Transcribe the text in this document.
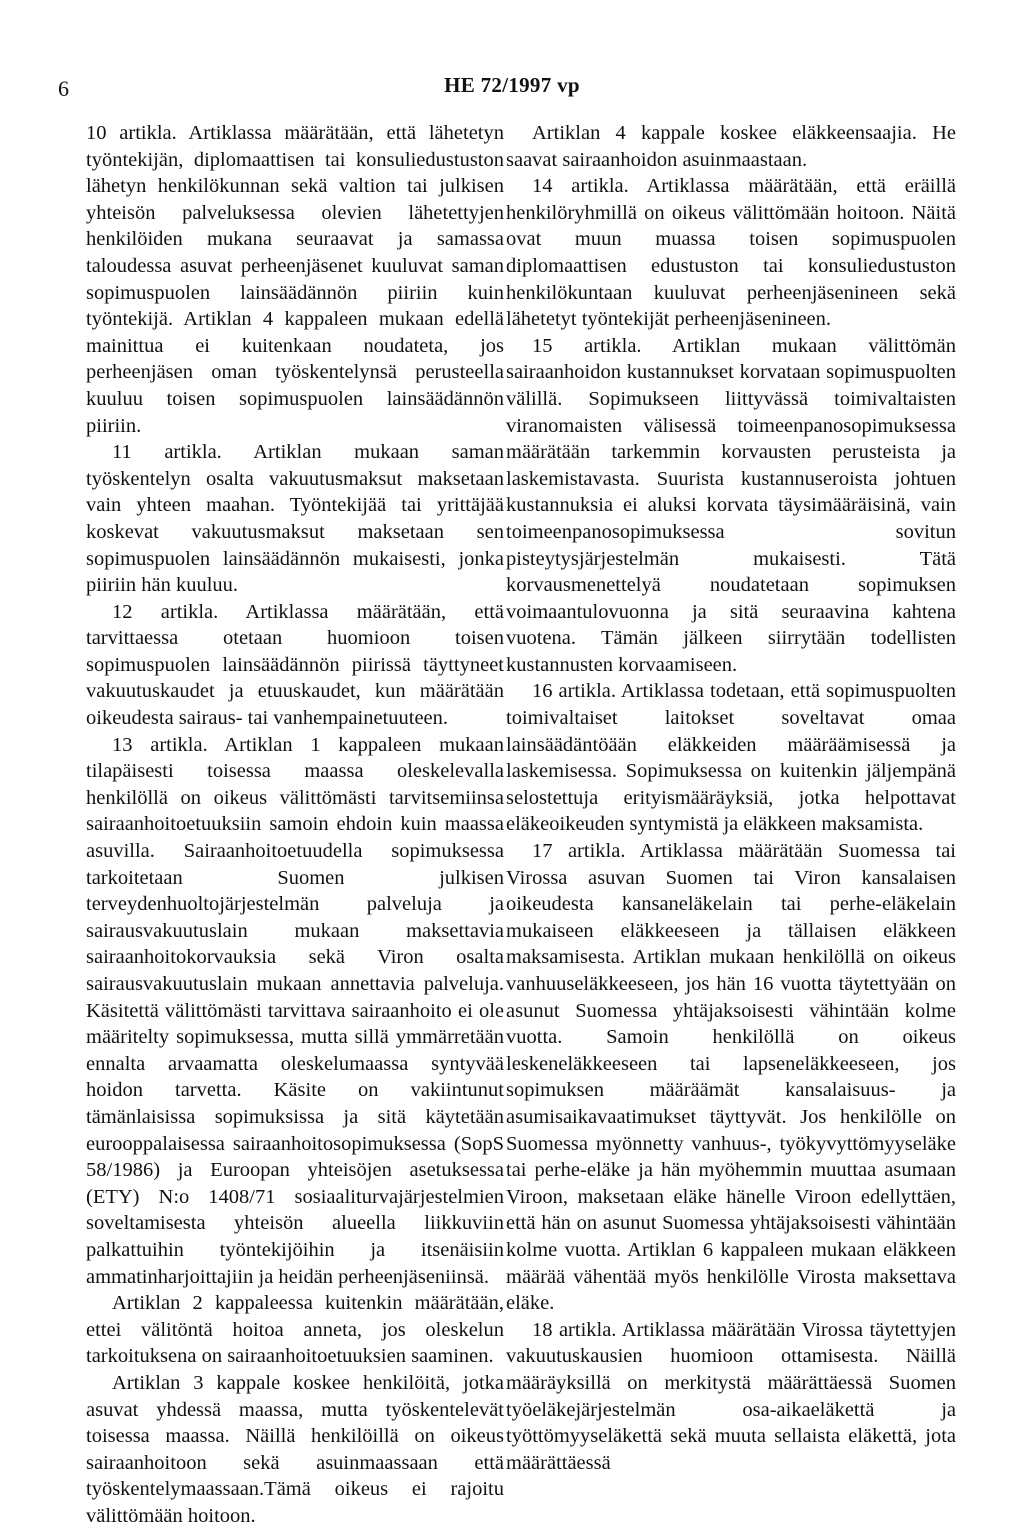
6	HE 72/1997 vp

10 artikla. Artiklassa määrätään, että lähetetyn työntekijän, diplomaattisen tai konsuliedustuston lähetyn henkilökunnan sekä valtion tai julkisen yhteisön palveluksessa olevien lähetettyjen henkilöiden mukana seuraavat ja samassa taloudessa asuvat perheenjäsenet kuuluvat saman sopimuspuolen lainsäädännön piiriin kuin työntekijä. Artiklan 4 kappaleen mukaan edellä mainittua ei kuitenkaan noudateta, jos perheenjäsen oman työskentelynsä perusteella kuuluu toisen sopimuspuolen lainsäädännön piiriin.

11 artikla. Artiklan mukaan saman työskentelyn osalta vakuutusmaksut maksetaan vain yhteen maahan. Työntekijää tai yrittäjää koskevat vakuutusmaksut maksetaan sen sopimuspuolen lainsäädännön mukaisesti, jonka piiriin hän kuuluu.

12 artikla. Artiklassa määrätään, että tarvittaessa otetaan huomioon toisen sopimuspuolen lainsäädännön piirissä täyttyneet vakuutuskaudet ja etuuskaudet, kun määrätään oikeudesta sairaus- tai vanhempainetuuteen.

13 artikla. Artiklan 1 kappaleen mukaan tilapäisesti toisessa maassa oleskelevalla henkilöllä on oikeus välittömästi tarvitsemiinsa sairaanhoitoetuuksiin samoin ehdoin kuin maassa asuvilla. Sairaanhoitoetuudella sopimuksessa tarkoitetaan Suomen julkisen terveydenhuoltojärjestelmän palveluja ja sairausvakuutuslain mukaan maksettavia sairaanhoitokorvauksia sekä Viron osalta sairausvakuutuslain mukaan annettavia palveluja. Käsitettä välittömästi tarvittava sairaanhoito ei ole määritelty sopimuksessa, mutta sillä ymmärretään ennalta arvaamatta oleskelumaassa syntyvää hoidon tarvetta. Käsite on vakiintunut tämänlaisissa sopimuksissa ja sitä käytetään eurooppalaisessa sairaanhoitosopimuksessa (SopS 58/1986) ja Euroopan yhteisöjen asetuksessa (ETY) N:o 1408/71 sosiaaliturvajärjestelmien soveltamisesta yhteisön alueella liikkuviin palkattuihin työntekijöihin ja itsenäisiin ammatinharjoittajiin ja heidän perheenjäseniinsä.

Artiklan 2 kappaleessa kuitenkin määrätään, ettei välitöntä hoitoa anneta, jos oleskelun tarkoituksena on sairaanhoitoetuuksien saaminen.

Artiklan 3 kappale koskee henkilöitä, jotka asuvat yhdessä maassa, mutta työskentelevät toisessa maassa. Näillä henkilöillä on oikeus sairaanhoitoon sekä asuinmaassaan että työskentelymaassaan.Tämä oikeus ei rajoitu välittömään hoitoon.

Artiklan 4 kappale koskee eläkkeensaajia. He saavat sairaanhoidon asuinmaastaan.

14 artikla. Artiklassa määrätään, että eräillä henkilöryhmillä on oikeus välittömään hoitoon. Näitä ovat muun muassa toisen sopimuspuolen diplomaattisen edustuston tai konsuliedustuston henkilökuntaan kuuluvat perheenjäsenineen sekä lähetetyt työntekijät perheenjäsenineen.

15 artikla. Artiklan mukaan välittömän sairaanhoidon kustannukset korvataan sopimuspuolten välillä. Sopimukseen liittyvässä toimivaltaisten viranomaisten välisessä toimeenpanosopimuksessa määrätään tarkemmin korvausten perusteista ja laskemistavasta. Suurista kustannuseroista johtuen kustannuksia ei aluksi korvata täysimääräisinä, vain toimeenpanosopimuksessa sovitun pisteytysjärjestelmän mukaisesti. Tätä korvausmenettelyä noudatetaan sopimuksen voimaantulovuonna ja sitä seuraavina kahtena vuotena. Tämän jälkeen siirrytään todellisten kustannusten korvaamiseen.

16 artikla. Artiklassa todetaan, että sopimuspuolten toimivaltaiset laitokset soveltavat omaa lainsäädäntöään eläkkeiden määräämisessä ja laskemisessa. Sopimuksessa on kuitenkin jäljempänä selostettuja erityismääräyksiä, jotka helpottavat eläkeoikeuden syntymistä ja eläkkeen maksamista.

17 artikla. Artiklassa määrätään Suomessa tai Virossa asuvan Suomen tai Viron kansalaisen oikeudesta kansaneläkelain tai perhe-eläkelain mukaiseen eläkkeeseen ja tällaisen eläkkeen maksamisesta. Artiklan mukaan henkilöllä on oikeus vanhuuseläkkeeseen, jos hän 16 vuotta täytettyään on asunut Suomessa yhtäjaksoisesti vähintään kolme vuotta. Samoin henkilöllä on oikeus leskeneläkkeeseen tai lapseneläkkeeseen, jos sopimuksen määräämät kansalaisuus- ja asumisaikavaatimukset täyttyvät. Jos henkilölle on Suomessa myönnetty vanhuus-, työkyvyttömyyseläke tai perhe-eläke ja hän myöhemmin muuttaa asumaan Viroon, maksetaan eläke hänelle Viroon edellyttäen, että hän on asunut Suomessa yhtäjaksoisesti vähintään kolme vuotta. Artiklan 6 kappaleen mukaan eläkkeen määrää vähentää myös henkilölle Virosta maksettava eläke.

18 artikla. Artiklassa määrätään Virossa täytettyjen vakuutuskausien huomioon ottamisesta. Näillä määräyksillä on merkitystä määrättäessä Suomen työeläkejärjestelmän osa-aikaeläkettä ja työttömyyseläkettä sekä muuta sellaista eläkettä, jota määrättäessä
